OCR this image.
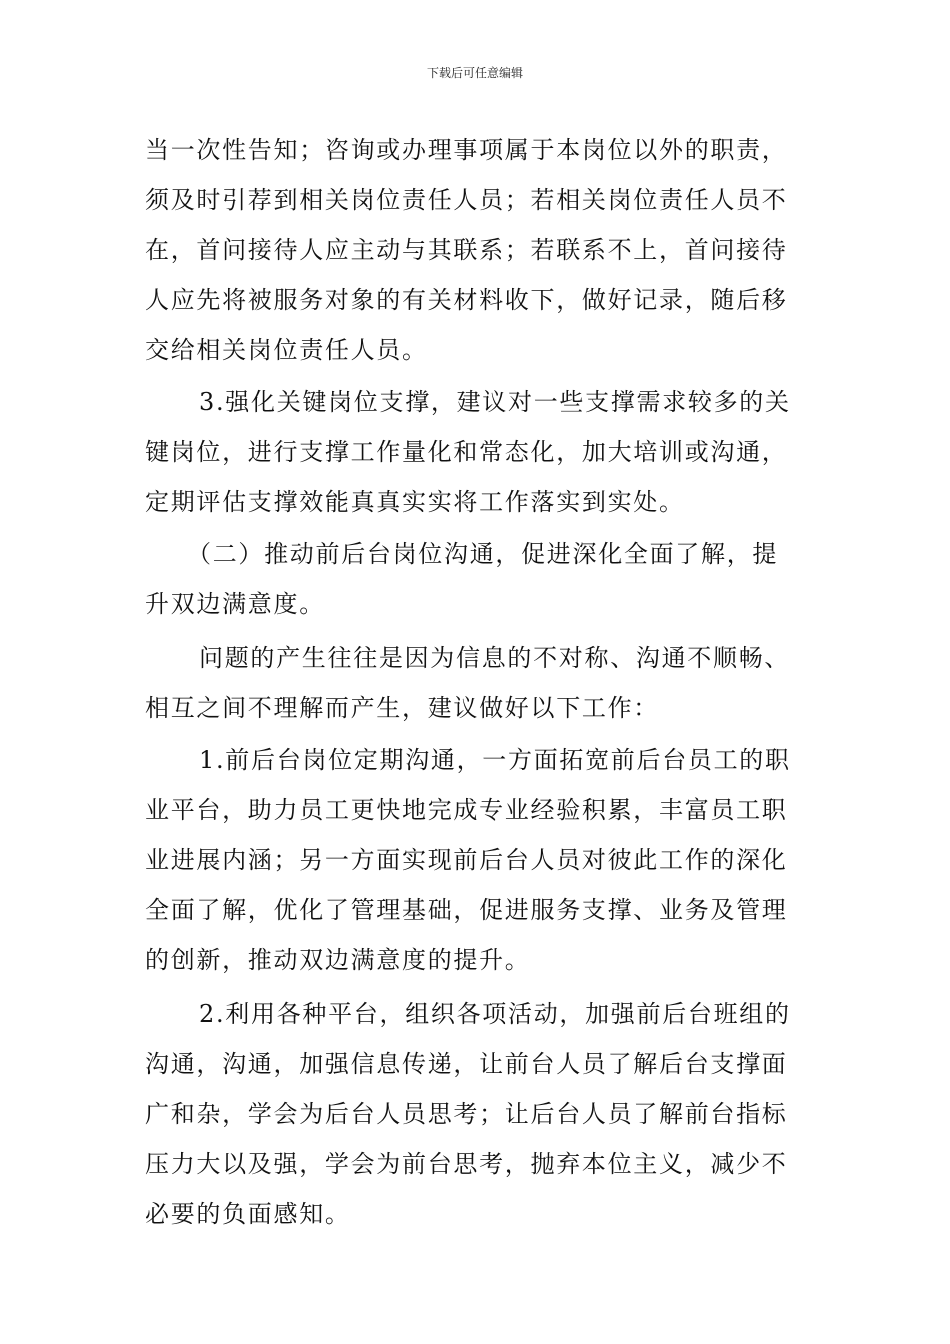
下载后可任意编辑
当一次性告知；咨询或办理事项属于本岗位以外的职责，
须及时引荐到相关岗位责任人员；若相关岗位责任人员不
在，首问接待人应主动与其联系；若联系不上，首问接待
人应先将被服务对象的有关材料收下，做好记录，随后移
交给相关岗位责任人员。
3.强化关键岗位支撑，建议对一些支撑需求较多的关
键岗位，进行支撑工作量化和常态化，加大培训或沟通，
定期评估支撑效能真真实实将工作落实到实处。
（二）推动前后台岗位沟通，促进深化全面了解，提
升双边满意度。
问题的产生往往是因为信息的不对称、沟通不顺畅、
相互之间不理解而产生，建议做好以下工作：
1.前后台岗位定期沟通，一方面拓宽前后台员工的职
业平台，助力员工更快地完成专业经验积累，丰富员工职
业进展内涵；另一方面实现前后台人员对彼此工作的深化
全面了解，优化了管理基础，促进服务支撑、业务及管理
的创新，推动双边满意度的提升。
2.利用各种平台，组织各项活动，加强前后台班组的
沟通，沟通，加强信息传递，让前台人员了解后台支撑面
广和杂，学会为后台人员思考；让后台人员了解前台指标
压力大以及强，学会为前台思考，抛弃本位主义，减少不
必要的负面感知。
